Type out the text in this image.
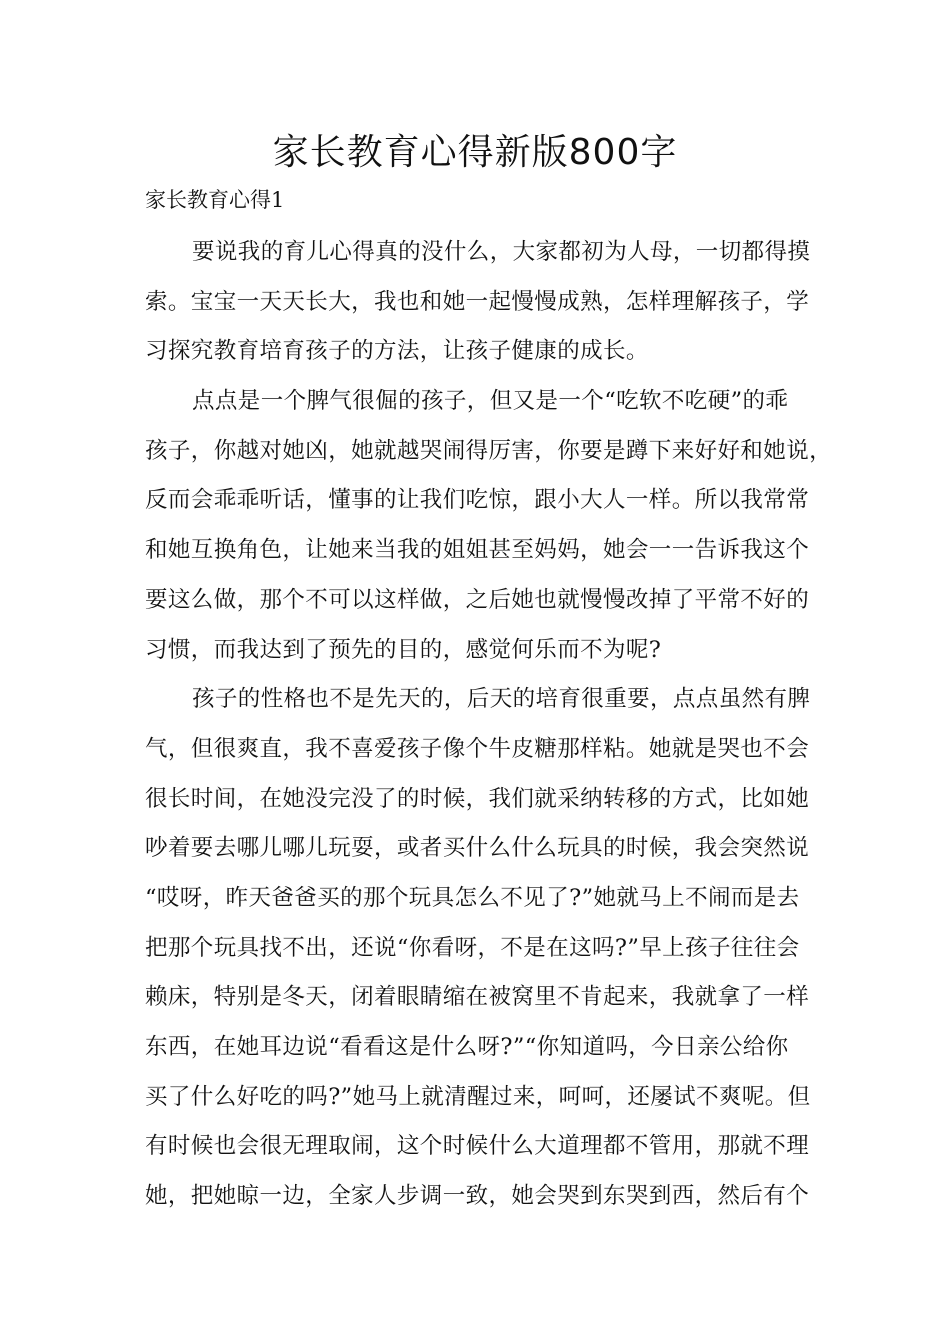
家长教育心得新版800字
家长教育心得1
要说我的育儿心得真的没什么，大家都初为人母，一切都得摸
索。宝宝一天天长大，我也和她一起慢慢成熟，怎样理解孩子，学
习探究教育培育孩子的方法，让孩子健康的成长。
点点是一个脾气很倔的孩子，但又是一个“吃软不吃硬”的乖
孩子，你越对她凶，她就越哭闹得厉害，你要是蹲下来好好和她说，
反而会乖乖听话，懂事的让我们吃惊，跟小大人一样。所以我常常
和她互换角色，让她来当我的姐姐甚至妈妈，她会一一告诉我这个
要这么做，那个不可以这样做，之后她也就慢慢改掉了平常不好的
习惯，而我达到了预先的目的，感觉何乐而不为呢?
孩子的性格也不是先天的，后天的培育很重要，点点虽然有脾
气，但很爽直，我不喜爱孩子像个牛皮糖那样粘。她就是哭也不会
很长时间，在她没完没了的时候，我们就采纳转移的方式，比如她
吵着要去哪儿哪儿玩耍，或者买什么什么玩具的时候，我会突然说
“哎呀，昨天爸爸买的那个玩具怎么不见了?”她就马上不闹而是去
把那个玩具找不出，还说“你看呀，不是在这吗?”早上孩子往往会
赖床，特别是冬天，闭着眼睛缩在被窝里不肯起来，我就拿了一样
东西，在她耳边说“看看这是什么呀?”“你知道吗，今日亲公给你
买了什么好吃的吗?”她马上就清醒过来，呵呵，还屡试不爽呢。但
有时候也会很无理取闹，这个时候什么大道理都不管用，那就不理
她，把她晾一边，全家人步调一致，她会哭到东哭到西，然后有个
